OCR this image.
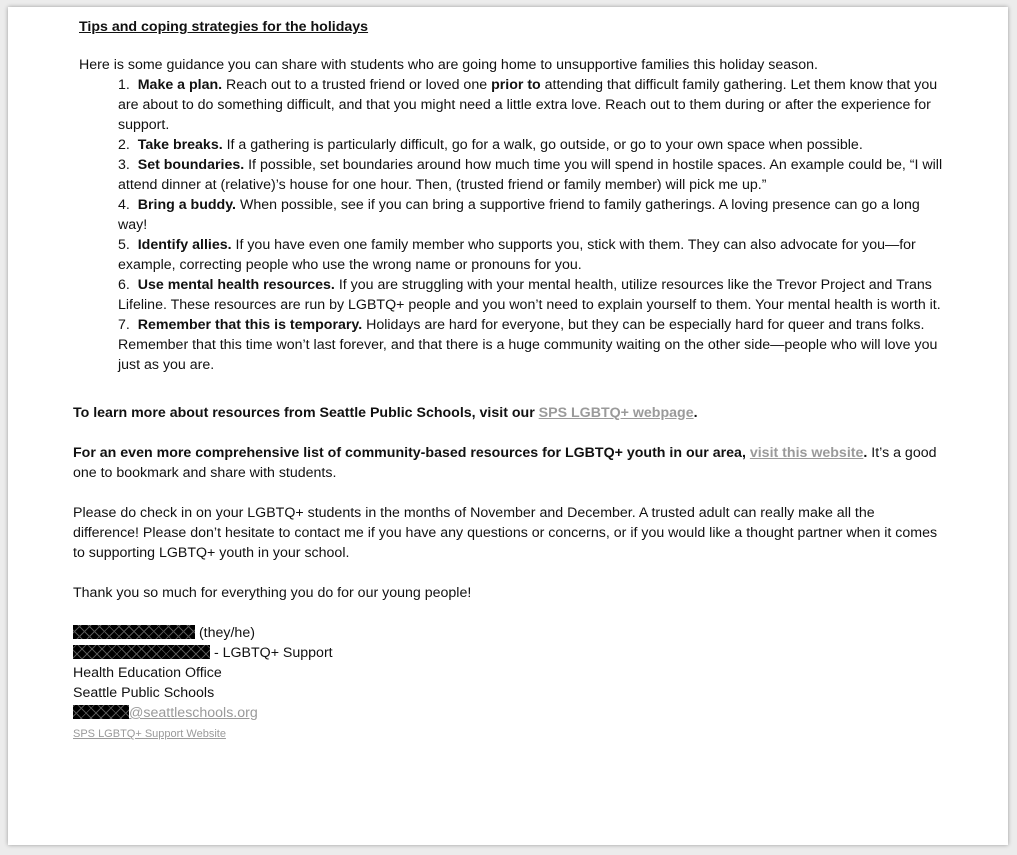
Tips and coping strategies for the holidays

Here is some guidance you can share with students who are going home to unsupportive families this holiday season.

1. Make a plan. Reach out to a trusted friend or loved one prior to attending that difficult family gathering. Let them know that you are about to do something difficult, and that you might need a little extra love. Reach out to them during or after the experience for support.
2. Take breaks. If a gathering is particularly difficult, go for a walk, go outside, or go to your own space when possible.
3. Set boundaries. If possible, set boundaries around how much time you will spend in hostile spaces. An example could be, “I will attend dinner at (relative)’s house for one hour. Then, (trusted friend or family member) will pick me up.”
4. Bring a buddy. When possible, see if you can bring a supportive friend to family gatherings. A loving presence can go a long way!
5. Identify allies. If you have even one family member who supports you, stick with them. They can also advocate for you—for example, correcting people who use the wrong name or pronouns for you.
6. Use mental health resources. If you are struggling with your mental health, utilize resources like the Trevor Project and Trans Lifeline. These resources are run by LGBTQ+ people and you won’t need to explain yourself to them. Your mental health is worth it.
7. Remember that this is temporary. Holidays are hard for everyone, but they can be especially hard for queer and trans folks. Remember that this time won’t last forever, and that there is a huge community waiting on the other side—people who will love you just as you are.

To learn more about resources from Seattle Public Schools, visit our SPS LGBTQ+ webpage.

For an even more comprehensive list of community-based resources for LGBTQ+ youth in our area, visit this website. It’s a good one to bookmark and share with students.

Please do check in on your LGBTQ+ students in the months of November and December. A trusted adult can really make all the difference! Please don’t hesitate to contact me if you have any questions or concerns, or if you would like a thought partner when it comes to supporting LGBTQ+ youth in your school.

Thank you so much for everything you do for our young people!

(they/he)

- LGBTQ+ Support

Health Education Office

Seattle Public Schools

@seattleschools.org

SPS LGBTQ+ Support Website
